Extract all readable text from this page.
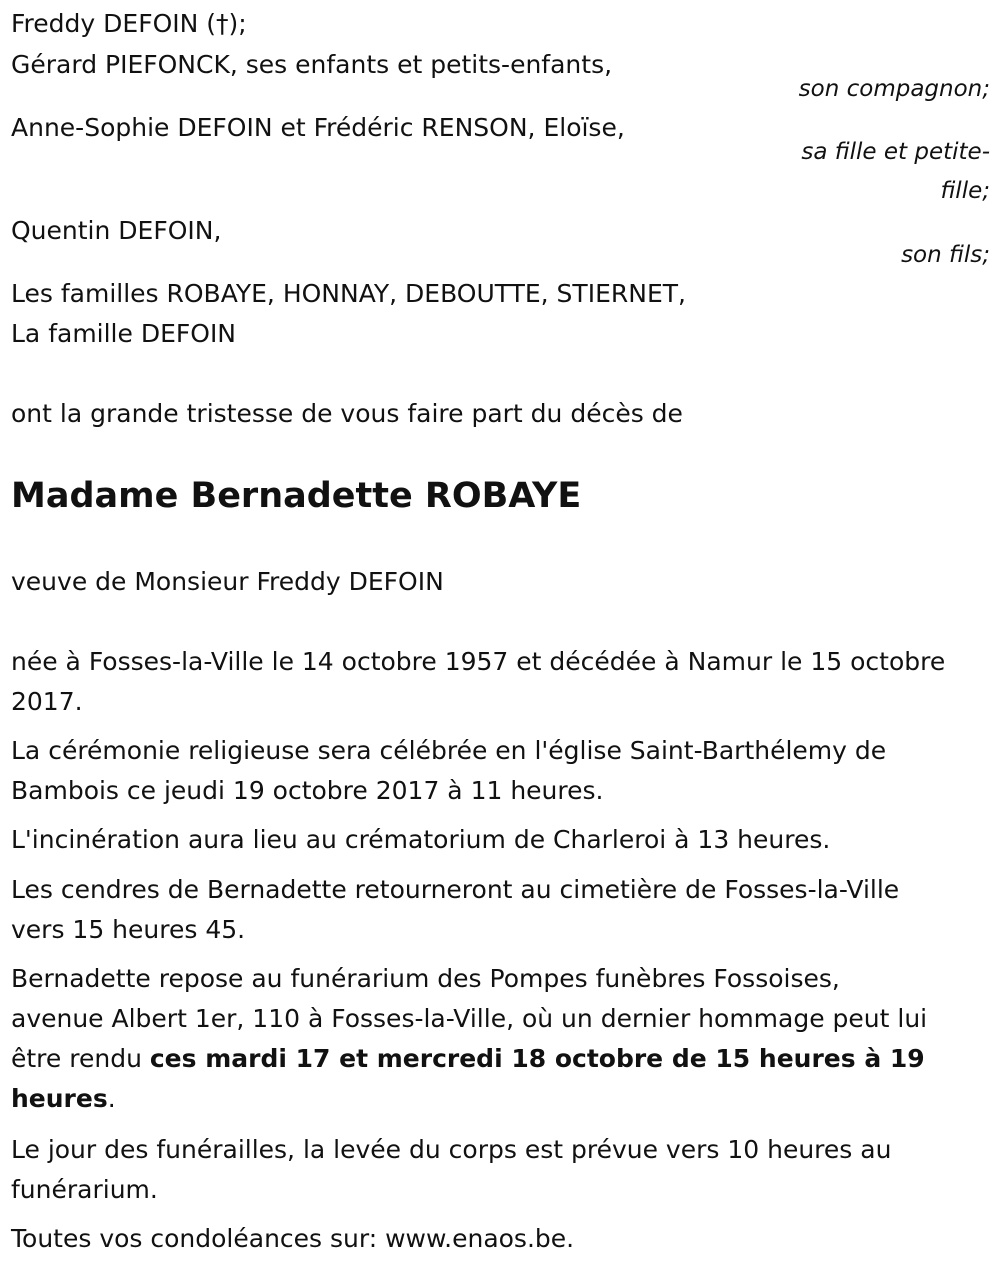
Freddy DEFOIN (†);
Gérard PIEFONCK, ses enfants et petits-enfants,
son compagnon;
Anne-Sophie DEFOIN et Frédéric RENSON, Eloïse,
sa fille et petite-
fille;
Quentin DEFOIN,
son fils;
Les familles ROBAYE, HONNAY, DEBOUTTE, STIERNET,
La famille DEFOIN
ont la grande tristesse de vous faire part du décès de
Madame Bernadette ROBAYE
veuve de Monsieur Freddy DEFOIN
née à Fosses-la-Ville le 14 octobre 1957 et décédée à Namur le 15 octobre
2017.
La cérémonie religieuse sera célébrée en l'église Saint-Barthélemy de
Bambois ce jeudi 19 octobre 2017 à 11 heures.
L'incinération aura lieu au crématorium de Charleroi à 13 heures.
Les cendres de Bernadette retourneront au cimetière de Fosses-la-Ville
vers 15 heures 45.
Bernadette repose au funérarium des Pompes funèbres Fossoises,
avenue Albert 1er, 110 à Fosses-la-Ville, où un dernier hommage peut lui
être rendu ces mardi 17 et mercredi 18 octobre de 15 heures à 19
heures.
Le jour des funérailles, la levée du corps est prévue vers 10 heures au
funérarium.
Toutes vos condoléances sur: www.enaos.be.
